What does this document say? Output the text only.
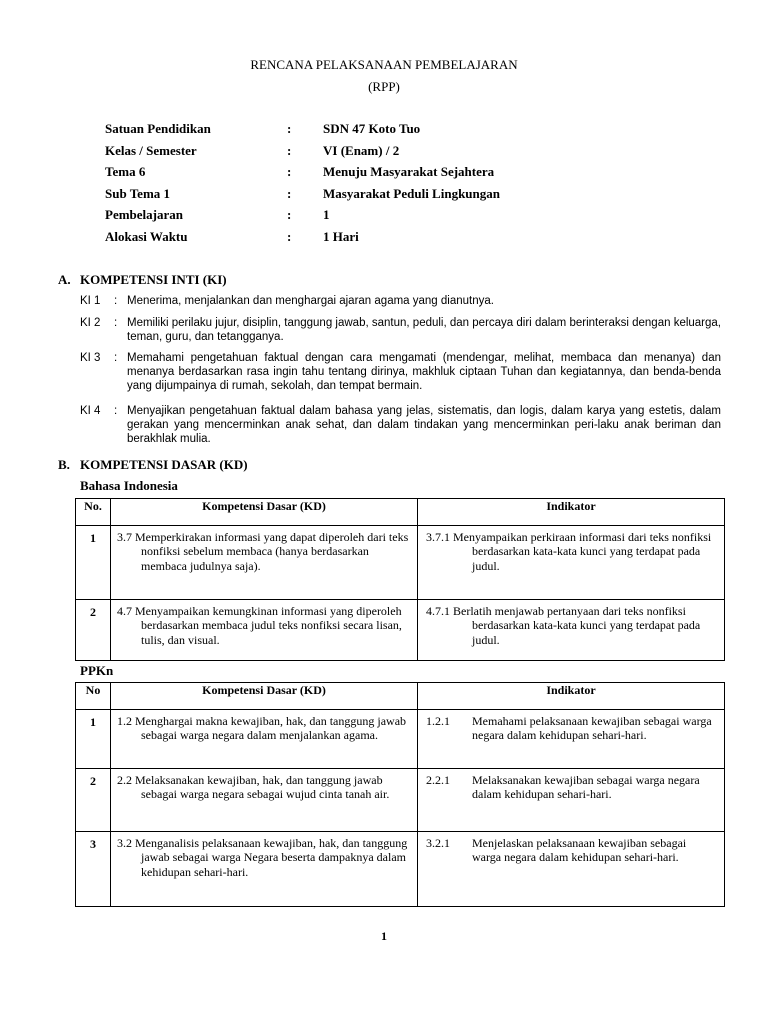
RENCANA PELAKSANAAN PEMBELAJARAN
(RPP)
Satuan Pendidikan	:	SDN 47 Koto Tuo
Kelas / Semester	:	VI (Enam) / 2
Tema 6	:	Menuju Masyarakat Sejahtera
Sub Tema 1	:	Masyarakat Peduli Lingkungan
Pembelajaran	:	1
Alokasi Waktu	:	1 Hari
A. KOMPETENSI INTI (KI)
KI 1	: Menerima, menjalankan dan menghargai ajaran agama yang dianutnya.
KI 2	: Memiliki perilaku jujur, disiplin, tanggung jawab, santun, peduli, dan percaya diri dalam berinteraksi dengan keluarga, teman, guru, dan tetangganya.
KI 3	: Memahami pengetahuan faktual dengan cara mengamati (mendengar, melihat, membaca dan menanya) dan menanya berdasarkan rasa ingin tahu tentang dirinya, makhluk ciptaan Tuhan dan kegiatannya, dan benda-benda yang dijumpainya di rumah, sekolah, dan tempat bermain.
KI 4	: Menyajikan pengetahuan faktual dalam bahasa yang jelas, sistematis, dan logis, dalam karya yang estetis, dalam gerakan yang mencerminkan anak sehat, dan dalam tindakan yang mencerminkan peri-laku anak beriman dan berakhlak mulia.
B. KOMPETENSI DASAR (KD)
Bahasa Indonesia
No.	Kompetensi Dasar (KD)	Indikator
1	3.7 Memperkirakan informasi yang dapat diperoleh dari teks nonfiksi sebelum membaca (hanya berdasarkan membaca judulnya saja).	3.7.1 Menyampaikan perkiraan informasi dari teks nonfiksi berdasarkan kata-kata kunci yang terdapat pada judul.

2	4.7 Menyampaikan kemungkinan informasi yang diperoleh berdasarkan membaca judul teks nonfiksi secara lisan, tulis, dan visual.	4.7.1 Berlatih menjawab pertanyaan dari teks nonfiksi berdasarkan kata-kata kunci yang terdapat pada judul.
PPKn
No	Kompetensi Dasar (KD)	Indikator
1	1.2 Menghargai makna kewajiban, hak, dan tanggung jawab sebagai warga negara dalam menjalankan agama.	1.2.1 Memahami pelaksanaan kewajiban sebagai warga negara dalam kehidupan sehari-hari.

2	2.2 Melaksanakan kewajiban, hak, dan tanggung jawab sebagai warga negara sebagai wujud cinta tanah air.	2.2.1 Melaksanakan kewajiban sebagai warga negara dalam kehidupan sehari-hari.

3	3.2 Menganalisis pelaksanaan kewajiban, hak, dan tanggung jawab sebagai warga Negara beserta dampaknya dalam kehidupan sehari-hari.	3.2.1 Menjelaskan pelaksanaan kewajiban sebagai warga negara dalam kehidupan sehari-hari.
1
